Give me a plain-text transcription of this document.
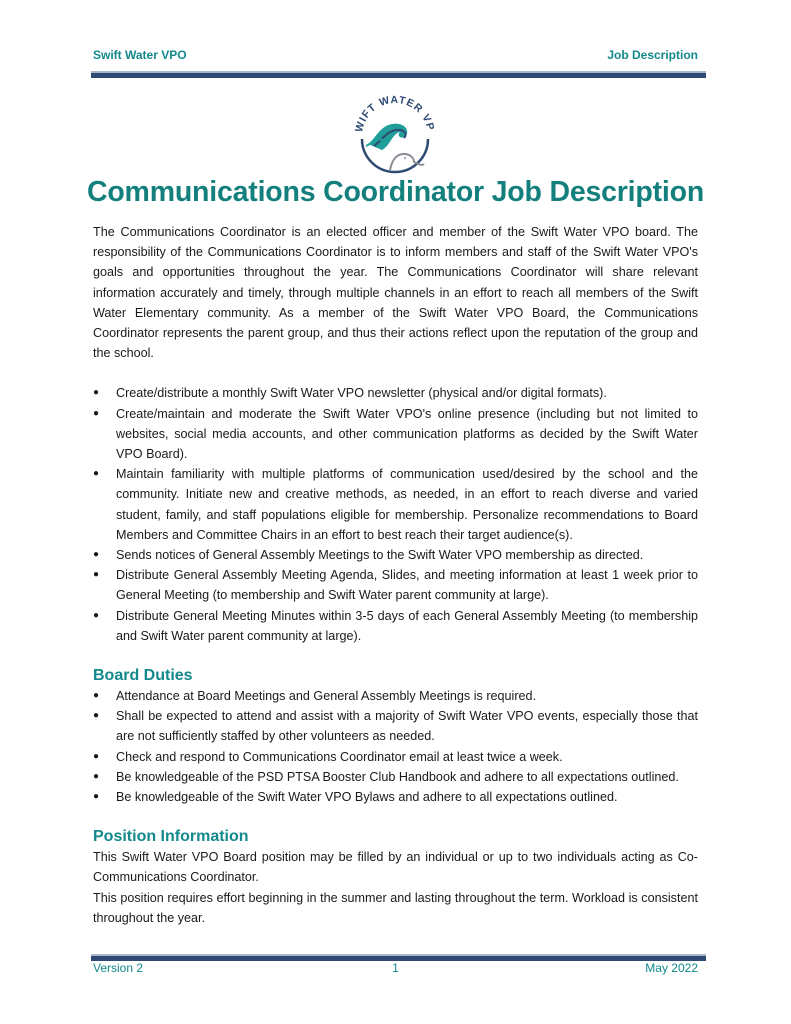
Swift Water VPO	Job Description
WIFT WATER VP
Communications Coordinator Job Description

The Communications Coordinator is an elected officer and member of the Swift Water VPO board. The responsibility of the Communications Coordinator is to inform members and staff of the Swift Water VPO's goals and opportunities throughout the year. The Communications Coordinator will share relevant information accurately and timely, through multiple channels in an effort to reach all members of the Swift Water Elementary community. As a member of the Swift Water VPO Board, the Communications Coordinator represents the parent group, and thus their actions reflect upon the reputation of the group and the school.

● Create/distribute a monthly Swift Water VPO newsletter (physical and/or digital formats).
● Create/maintain and moderate the Swift Water VPO's online presence (including but not limited to websites, social media accounts, and other communication platforms as decided by the Swift Water VPO Board).
● Maintain familiarity with multiple platforms of communication used/desired by the school and the community. Initiate new and creative methods, as needed, in an effort to reach diverse and varied student, family, and staff populations eligible for membership. Personalize recommendations to Board Members and Committee Chairs in an effort to best reach their target audience(s).
● Sends notices of General Assembly Meetings to the Swift Water VPO membership as directed.
● Distribute General Assembly Meeting Agenda, Slides, and meeting information at least 1 week prior to General Meeting (to membership and Swift Water parent community at large).
● Distribute General Meeting Minutes within 3-5 days of each General Assembly Meeting (to membership and Swift Water parent community at large).
Board Duties
● Attendance at Board Meetings and General Assembly Meetings is required.
● Shall be expected to attend and assist with a majority of Swift Water VPO events, especially those that are not sufficiently staffed by other volunteers as needed.
● Check and respond to Communications Coordinator email at least twice a week.
● Be knowledgeable of the PSD PTSA Booster Club Handbook and adhere to all expectations outlined.
● Be knowledgeable of the Swift Water VPO Bylaws and adhere to all expectations outlined.
Position Information

This Swift Water VPO Board position may be filled by an individual or up to two individuals acting as Co-Communications Coordinator.

This position requires effort beginning in the summer and lasting throughout the term. Workload is consistent throughout the year.

Version 2	1	May 2022
